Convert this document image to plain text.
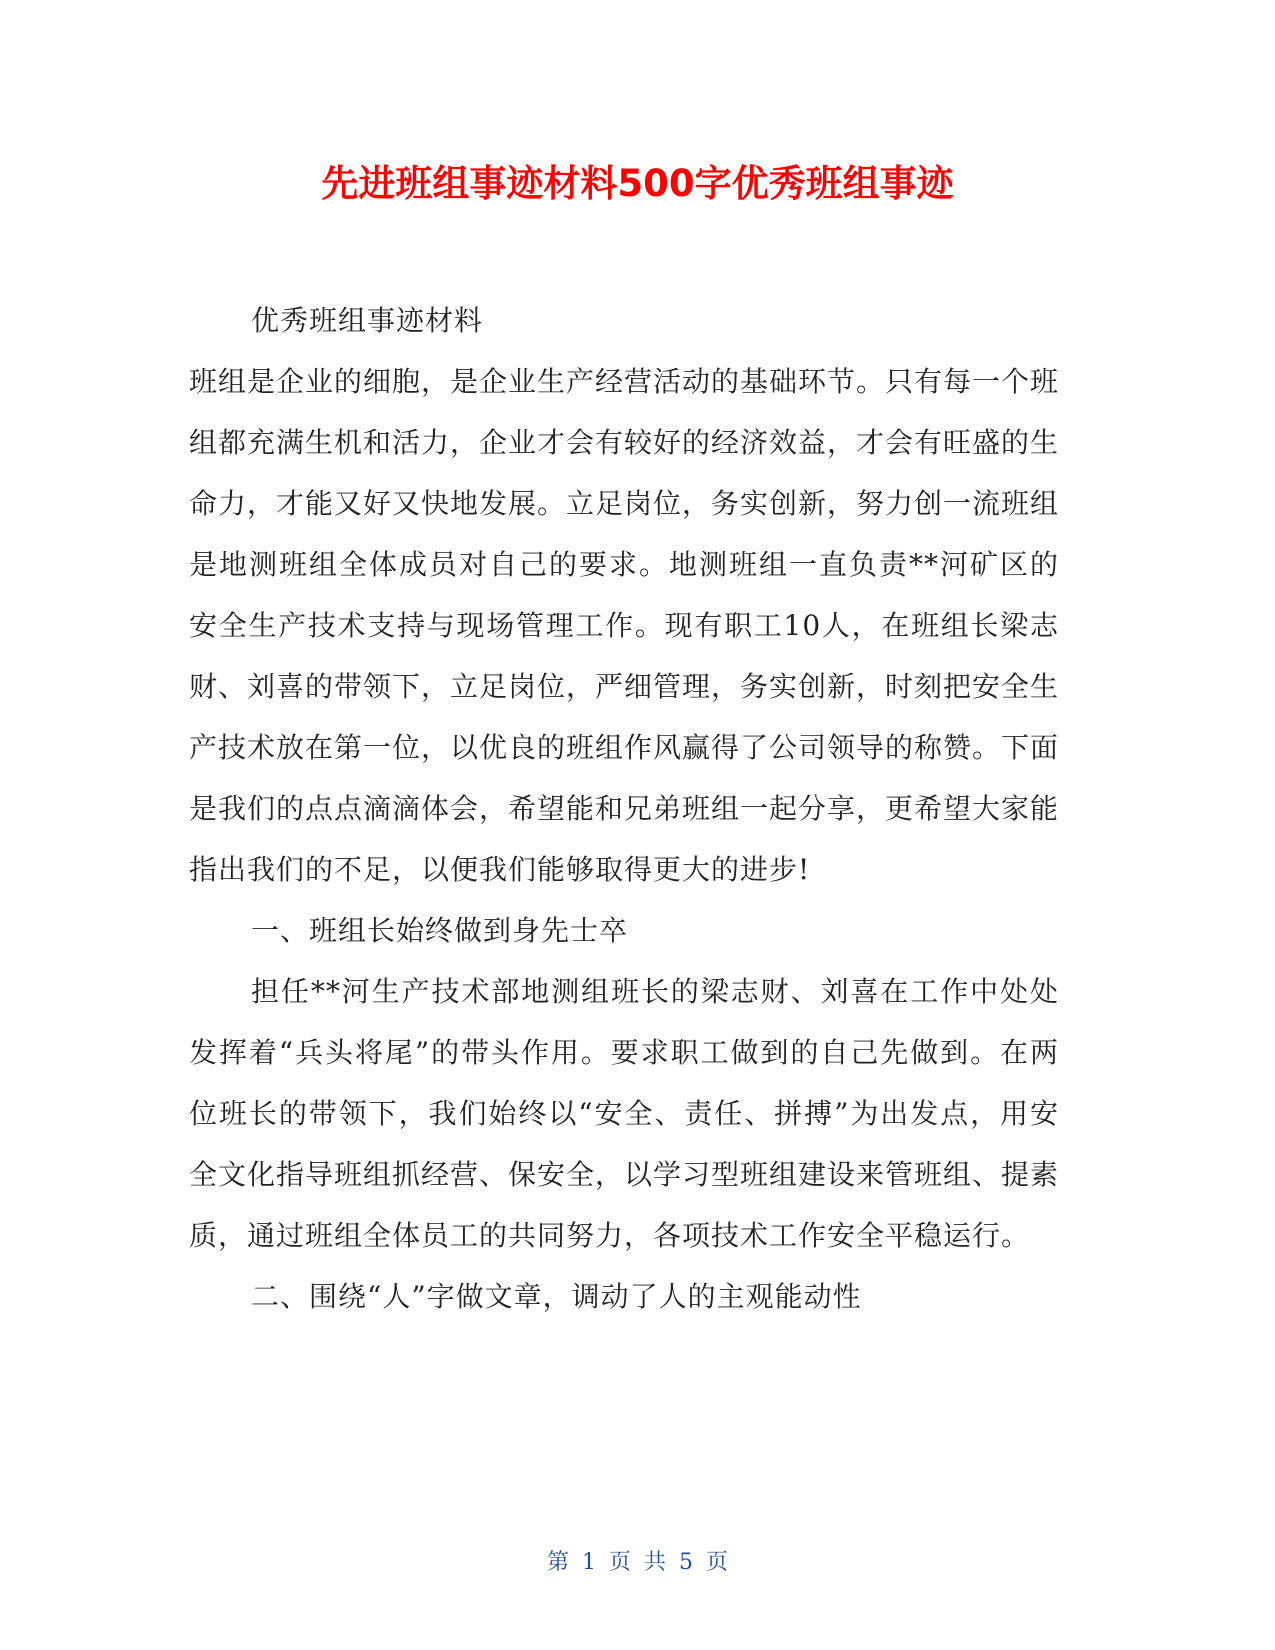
先进班组事迹材料500字优秀班组事迹

优秀班组事迹材料

班组是企业的细胞，是企业生产经营活动的基础环节。只有每一个班组都充满生机和活力，企业才会有较好的经济效益，才会有旺盛的生命力，才能又好又快地发展。立足岗位，务实创新，努力创一流班组是地测班组全体成员对自己的要求。地测班组一直负责**河矿区的安全生产技术支持与现场管理工作。现有职工10人，在班组长梁志财、刘喜的带领下，立足岗位，严细管理，务实创新，时刻把安全生产技术放在第一位，以优良的班组作风赢得了公司领导的称赞。下面是我们的点点滴滴体会，希望能和兄弟班组一起分享，更希望大家能指出我们的不足，以便我们能够取得更大的进步!

一、班组长始终做到身先士卒

担任**河生产技术部地测组班长的梁志财、刘喜在工作中处处发挥着“兵头将尾”的带头作用。要求职工做到的自己先做到。在两位班长的带领下，我们始终以“安全、责任、拼搏”为出发点，用安全文化指导班组抓经营、保安全，以学习型班组建设来管班组、提素质，通过班组全体员工的共同努力，各项技术工作安全平稳运行。

二、围绕“人”字做文章，调动了人的主观能动性

第 1 页 共 5 页
